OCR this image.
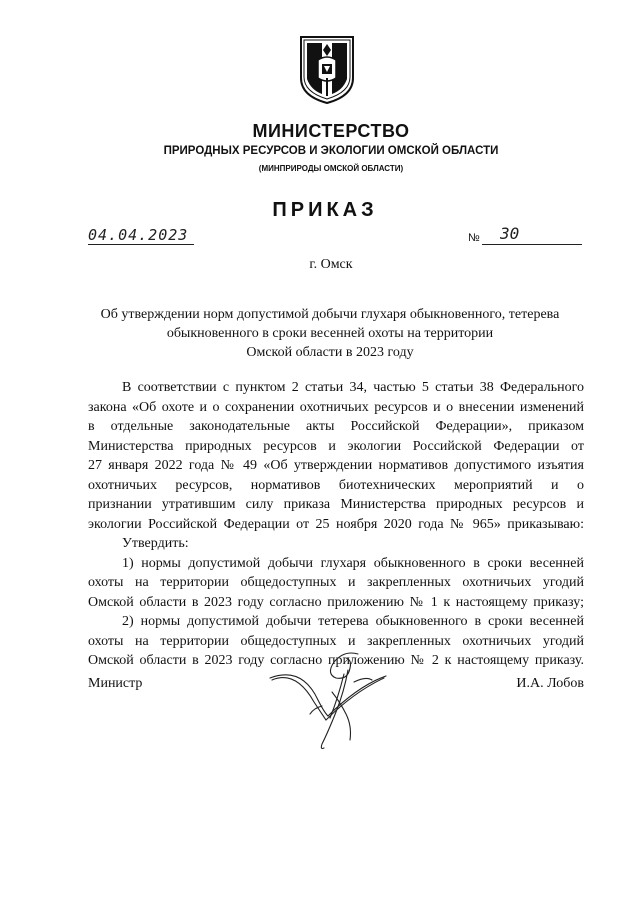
МИНИСТЕРСТВО
ПРИРОДНЫХ РЕСУРСОВ И ЭКОЛОГИИ ОМСКОЙ ОБЛАСТИ
(МИНПРИРОДЫ ОМСКОЙ ОБЛАСТИ)
ПРИКАЗ
04.04.2023	№ 30
г. Омск
Об утверждении норм допустимой добычи глухаря обыкновенного, тетерева
обыкновенного в сроки весенней охоты на территории
Омской области в 2023 году
В соответствии с пунктом 2 статьи 34, частью 5 статьи 38 Федерального
закона «Об охоте и о сохранении охотничьих ресурсов и о внесении изменений
в отдельные законодательные акты Российской Федерации», приказом
Министерства природных ресурсов и экологии Российской Федерации от
27 января 2022 года № 49 «Об утверждении нормативов допустимого изъятия
охотничьих ресурсов, нормативов биотехнических мероприятий и о
признании утратившим силу приказа Министерства природных ресурсов и
экологии Российской Федерации от 25 ноября 2020 года № 965» приказываю:
Утвердить:
1) нормы допустимой добычи глухаря обыкновенного в сроки весенней
охоты на территории общедоступных и закрепленных охотничьих угодий
Омской области в 2023 году согласно приложению № 1 к настоящему приказу;
2) нормы допустимой добычи тетерева обыкновенного в сроки весенней
охоты на территории общедоступных и закрепленных охотничьих угодий
Омской области в 2023 году согласно приложению № 2 к настоящему приказу.
Министр	И.А. Лобов
